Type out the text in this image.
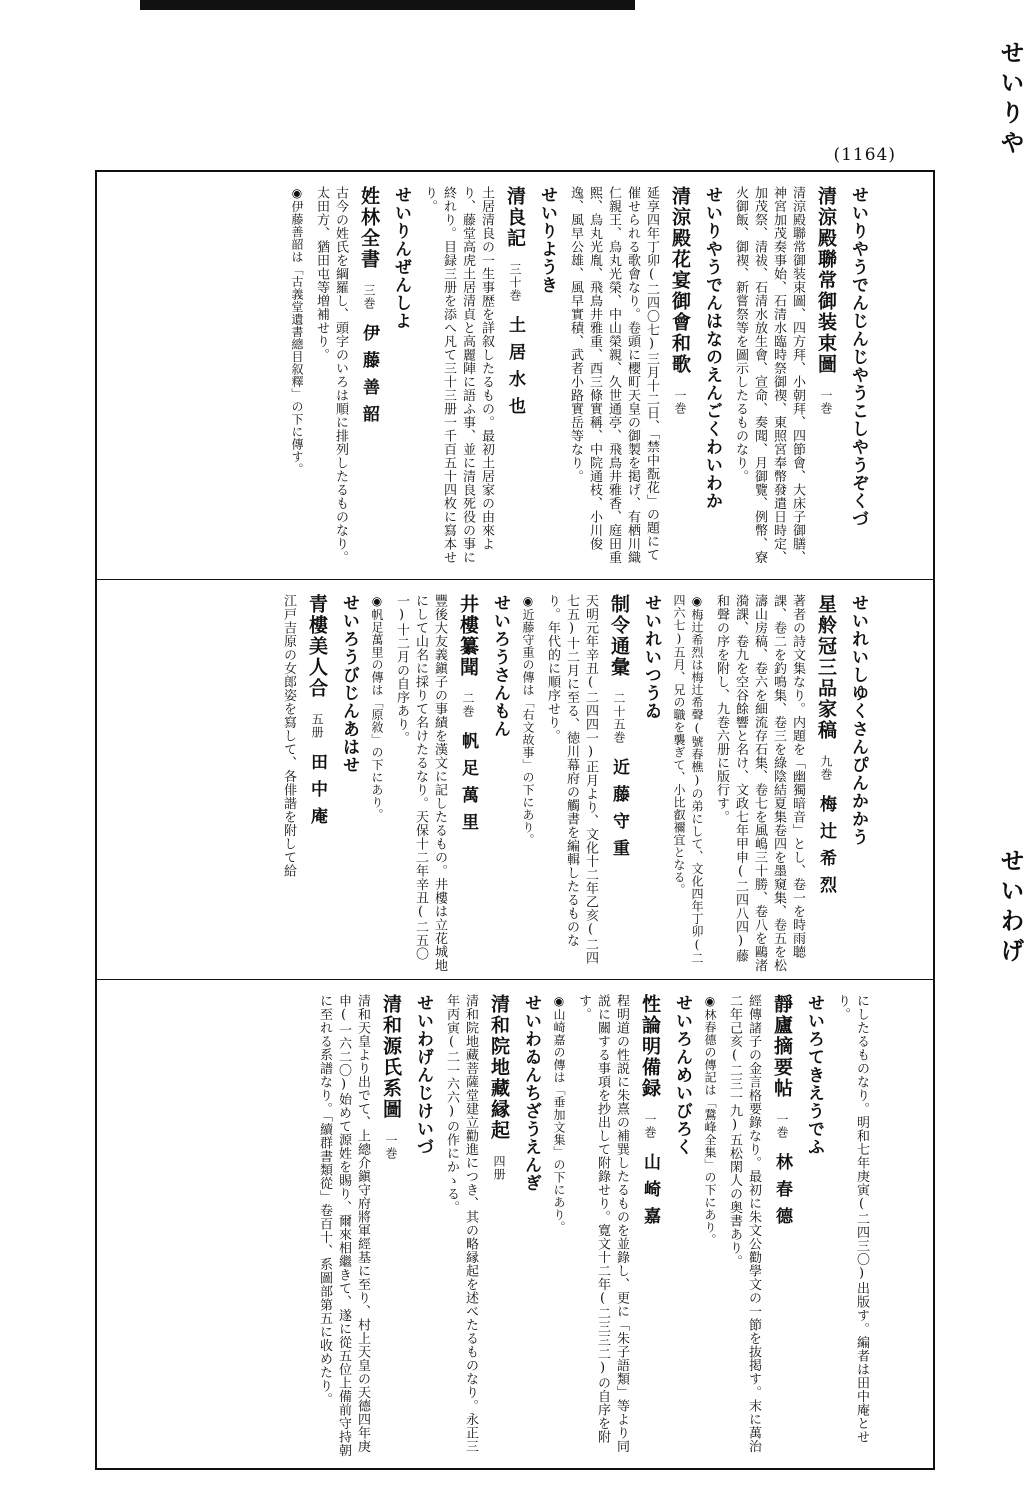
(1164)
せいりやうでんじんじやうこしやうぞくづ
清涼殿聯常御装束圖一巻
清涼殿聯常御装束圖、四方拜、小朝拜、四節會、大床子御膳、神宮加茂奏事始、石清水臨時祭御禊、東照宮奉幣發遣日時定、加茂祭、清祓、石清水放生會、宣命、奏聞、月御覽、例幣、寮火御飯、御禊、新嘗祭等を圖示したるものなり。
せいりやうでんはなのえんごくわいわか
清涼殿花宴御會和歌一巻
延享四年丁卯(二四〇七)三月十二日、「禁中翫花」の題にて催せられる歌會なり。卷頭に櫻町天皇の御製を掲げ、有栖川織仁親王、烏丸光榮、中山榮親、久世通亭、飛鳥井雅香、庭田重熙、烏丸光胤、飛鳥井雅重、西三條實稱、中院通枝、小川俊逸、風早公雄、風早實積、武者小路實岳等なり。
せいりようき
清良記三十巻土居水也
土居清良の一生事歴を詳叙したるもの。最初土居家の由來より、藤堂高虎土居清貞と高麗陣に語ふ事、並に清良死役の事に終れり。目録三册を添へ凡て三十三册一千百五十四枚に寫本せり。
せいりんぜんしよ
姓林全書三巻伊藤善韶
古今の姓氏を綱羅し、頭字のいろは順に排列したるものなり。太田方、猶田屯等増補せり。
◉伊藤善韶は「古義堂遺書總目叙釋」の下に傳す。
せいれいしゆくさんぴんかかう
星舲冠三品家稿九巻梅辻希烈
著者の詩文集なり。内題を「幽獨暗音」とし、卷一を時雨聴課、卷二を釣鳴集、卷三を綠陰結夏集卷四を墨窺集、卷五を松濤山房稿、卷六を細流存石集、卷七を風嶋三十勝、卷八を鷗渚漪課、卷九を空谷餘響と名け、文政七年甲申(二四八四)藤和聲の序を附し、九巻六册に版行す。
◉梅辻希烈は梅辻希聲(號春樵)の弟にして、文化四年丁卯(二四六七)五月、兄の職を襲ぎて、小比叡禰宜となる。
せいれいつうゐ
制令通彙二十五巻近藤守重
天明元年辛丑(二四四一)正月より、文化十二年乙亥(二四七五)十二月に至る、徳川幕府の觸書を編輯したるものなり。年代的に順序せり。
◉近藤守重の傳は「右文故事」の下にあり。
せいろうさんもん
井樓纂聞二巻帆足萬里
豐後大友義鎭子の事績を漢文に記したるもの。井樓は立花城地にして山名に採りて名けたるなり。天保十二年辛丑(二五〇一)十二月の自序あり。
◉帆足萬里の傳は「原敘」の下にあり。
せいろうびじんあはせ
青樓美人合五册田中庵
江戸吉原の女郎姿を寫して、各俳諧を附して給
にしたるものなり。明和七年庚寅(二四三〇)出版す。編者は田中庵とせり。
せいろてきえうでふ
靜廬摘要帖一巻林春德
經傳諸子の金言格要錄なり。最初に朱文公勸學文の一節を抜掲す。末に萬治二年己亥(二三一九)五松閑人の奥書あり。
◉林春德の傳記は「鵞峰全集」の下にあり。
せいろんめいびろく
性論明備録一巻山崎嘉
程明道の性説に朱熹の補巽したるものを並錄し、更に「朱子語類」等より同説に關する事項を抄出して附錄せり。寛文十二年(二三三二)の自序を附す。
◉山崎嘉の傳は「垂加文集」の下にあり。
せいわゐんちざうえんぎ
清和院地藏縁起四册
清和院地藏菩薩堂建立勸進につき、其の略縁起を述べたるものなり。永正三年丙寅(二一六六)の作にかゝる。
せいわげんじけいづ
清和源氏系圖一巻
清和天皇より出でて、上總介鎭守府將軍經基に至り、村上天皇の天德四年庚申(一六二〇)始めて源姓を賜り、爾來相繼きて、遂に從五位上備前守持朝に至れる系譜なり。「續群書類從」卷百十、系圖部第五に收めたり。
せいりや
せいわげ
